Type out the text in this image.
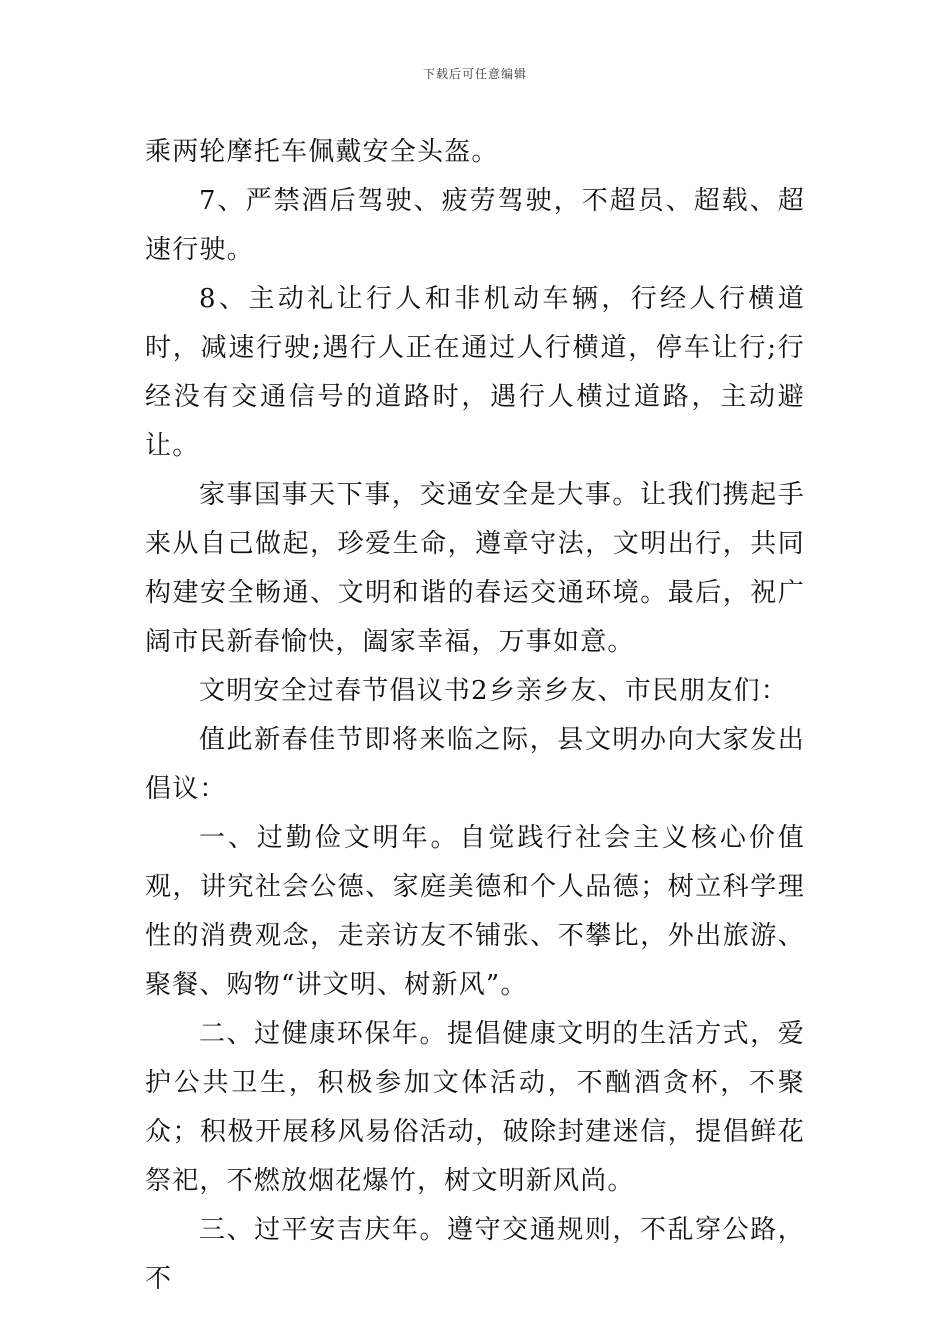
下载后可任意编辑

乘两轮摩托车佩戴安全头盔。

7、严禁酒后驾驶、疲劳驾驶，不超员、超载、超速行驶。

8、主动礼让行人和非机动车辆，行经人行横道时，减速行驶;遇行人正在通过人行横道，停车让行;行经没有交通信号的道路时，遇行人横过道路，主动避让。

家事国事天下事，交通安全是大事。让我们携起手来从自己做起，珍爱生命，遵章守法，文明出行，共同构建安全畅通、文明和谐的春运交通环境。最后，祝广阔市民新春愉快，阖家幸福，万事如意。

文明安全过春节倡议书2乡亲乡友、市民朋友们：

值此新春佳节即将来临之际，县文明办向大家发出倡议：

一、过勤俭文明年。自觉践行社会主义核心价值观，讲究社会公德、家庭美德和个人品德；树立科学理性的消费观念，走亲访友不铺张、不攀比，外出旅游、聚餐、购物“讲文明、树新风”。

二、过健康环保年。提倡健康文明的生活方式，爱护公共卫生，积极参加文体活动，不酗酒贪杯，不聚众；积极开展移风易俗活动，破除封建迷信，提倡鲜花祭祀，不燃放烟花爆竹，树文明新风尚。

三、过平安吉庆年。遵守交通规则，不乱穿公路，不
